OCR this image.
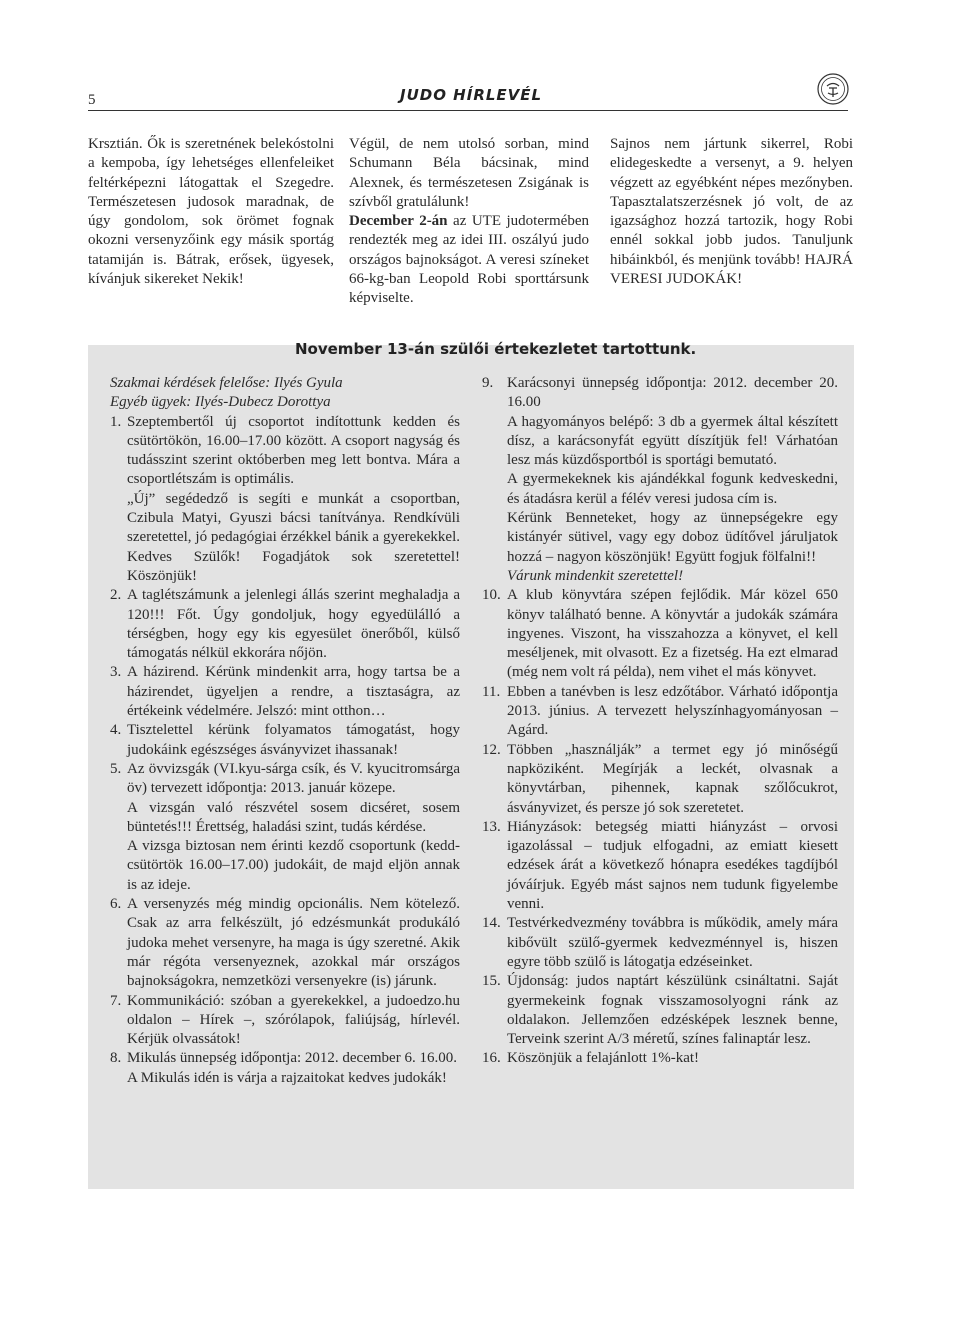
5	JUDO HÍRLEVÉL

Krsztián. Ők is szeretnének belekóstolni a kempoba, így lehetséges ellenfeleiket feltérképezni látogattak el Szegedre. Természetesen judosok maradnak, de úgy gondolom, sok örömet fognak okozni versenyzőink egy másik sportág tatamiján is. Bátrak, erősek, ügyesek, kívánjuk sikereket Nekik!

Végül, de nem utolsó sorban, mind Schumann Béla bácsinak, mind Alexnek, és természetesen Zsigának is szívből gratulálunk!

December 2-án az UTE judotermében rendezték meg az idei III. oszályú judo országos bajnokságot. A veresi színeket 66-kg-ban Leopold Robi sporttársunk képviselte.

Sajnos nem jártunk sikerrel, Robi elidegeskedte a versenyt, a 9. helyen végzett az egyébként népes mezőnyben. Tapasztalatszerzésnek jó volt, de az igazsághoz hozzá tartozik, hogy Robi ennél sokkal jobb judos. Tanuljunk hibáinkból, és menjünk tovább! HAJRÁ VERESI JUDOKÁK!

November 13-án szülői értekezletet tartottunk.
Szakmai kérdések felelőse: Ilyés Gyula
Egyéb ügyek: Ilyés-Dubecz Dorottya
1. Szeptembertől új csoportot indítottunk kedden és csütörtökön, 16.00–17.00 között. A csoport nagyság és tudásszint szerint októberben meg lett bontva. Mára a csoportlétszám is optimális.

„Új” segédedző is segíti e munkát a csoportban, Czibula Matyi, Gyuszi bácsi tanítványa. Rendkívüli szeretettel, jó pedagógiai érzékkel bánik a gyerekekkel. Kedves Szülők! Fogadjátok sok szeretettel! Köszönjük!

2. A taglétszámunk a jelenlegi állás szerint meghaladja a 120!!! Főt. Úgy gondoljuk, hogy egyedülálló a térségben, hogy egy kis egyesület önerőből, külső támogatás nélkül ekkorára nőjön.

3. A házirend. Kérünk mindenkit arra, hogy tartsa be a házirendet, ügyeljen a rendre, a tisztaságra, az értékeink védelmére. Jelszó: mint otthon…

4. Tisztelettel kérünk folyamatos támogatást, hogy judokáink egészséges ásványvizet ihassanak!

5. Az övvizsgák (VI.kyu-sárga csík, és V. kyucitromsárga öv) tervezett időpontja: 2013. január közepe.

A vizsgán való részvétel sosem dicséret, sosem büntetés!!! Érettség, haladási szint, tudás kérdése.

A vizsga biztosan nem érinti kezdő csoportunk (kedd-csütörtök 16.00–17.00) judokáit, de majd eljön annak is az ideje.

6. A versenyzés még mindig opcionális. Nem kötelező. Csak az arra felkészült, jó edzésmunkát produkáló judoka mehet versenyre, ha maga is úgy szeretné. Akik már régóta versenyeznek, azokkal már országos bajnokságokra, nemzetközi versenyekre (is) járunk.

7. Kommunikáció: szóban a gyerekekkel, a judoedzo.hu oldalon – Hírek –, szórólapok, faliújság, hírlevél. Kérjük olvassátok!

8. Mikulás ünnepség időpontja: 2012. december 6. 16.00.

A Mikulás idén is várja a rajzaitokat kedves judokák!

9. Karácsonyi ünnepség időpontja: 2012. december 20. 16.00

A hagyományos belépő: 3 db a gyermek által készített dísz, a karácsonyfát együtt díszítjük fel! Várhatóan lesz más küzdősportból is sportági bemutató.

A gyermekeknek kis ajándékkal fogunk kedveskedni, és átadásra kerül a félév veresi judosa cím is.

Kérünk Benneteket, hogy az ünnepségekre egy kistányér sütivel, vagy egy doboz üdítővel járuljatok hozzá – nagyon köszönjük! Együtt fogjuk fölfalni!!

Várunk mindenkit szeretettel!

10. A klub könyvtára szépen fejlődik. Már közel 650 könyv található benne. A könyvtár a judokák számára ingyenes. Viszont, ha visszahozza a könyvet, el kell meséljenek, mit olvasott. Ez a fizetség. Ha ezt elmarad (még nem volt rá példa), nem vihet el más könyvet.

11. Ebben a tanévben is lesz edzőtábor. Várható időpontja 2013. június. A tervezett helyszínhagyományosan – Agárd.

12. Többen „használják” a termet egy jó minőségű napköziként. Megírják a leckét, olvasnak a könyvtárban, pihennek, kapnak szőlőcukrot, ásványvizet, és persze jó sok szeretetet.

13. Hiányzások: betegség miatti hiányzást – orvosi igazolással – tudjuk elfogadni, az emiatt kiesett edzések árát a következő hónapra esedékes tagdíjból jóváírjuk. Egyéb mást sajnos nem tudunk figyelembe venni.

14. Testvérkedvezmény továbbra is működik, amely mára kibővült szülő-gyermek kedvezménnyel is, hiszen egyre több szülő is látogatja edzéseinket.

15. Újdonság: judos naptárt készülünk csináltatni. Saját gyermekeink fognak visszamosolyogni ránk az oldalakon. Jellemzően edzésképek lesznek benne, Terveink szerint A/3 méretű, színes falinaptár lesz.

16. Köszönjük a felajánlott 1%-kat!
